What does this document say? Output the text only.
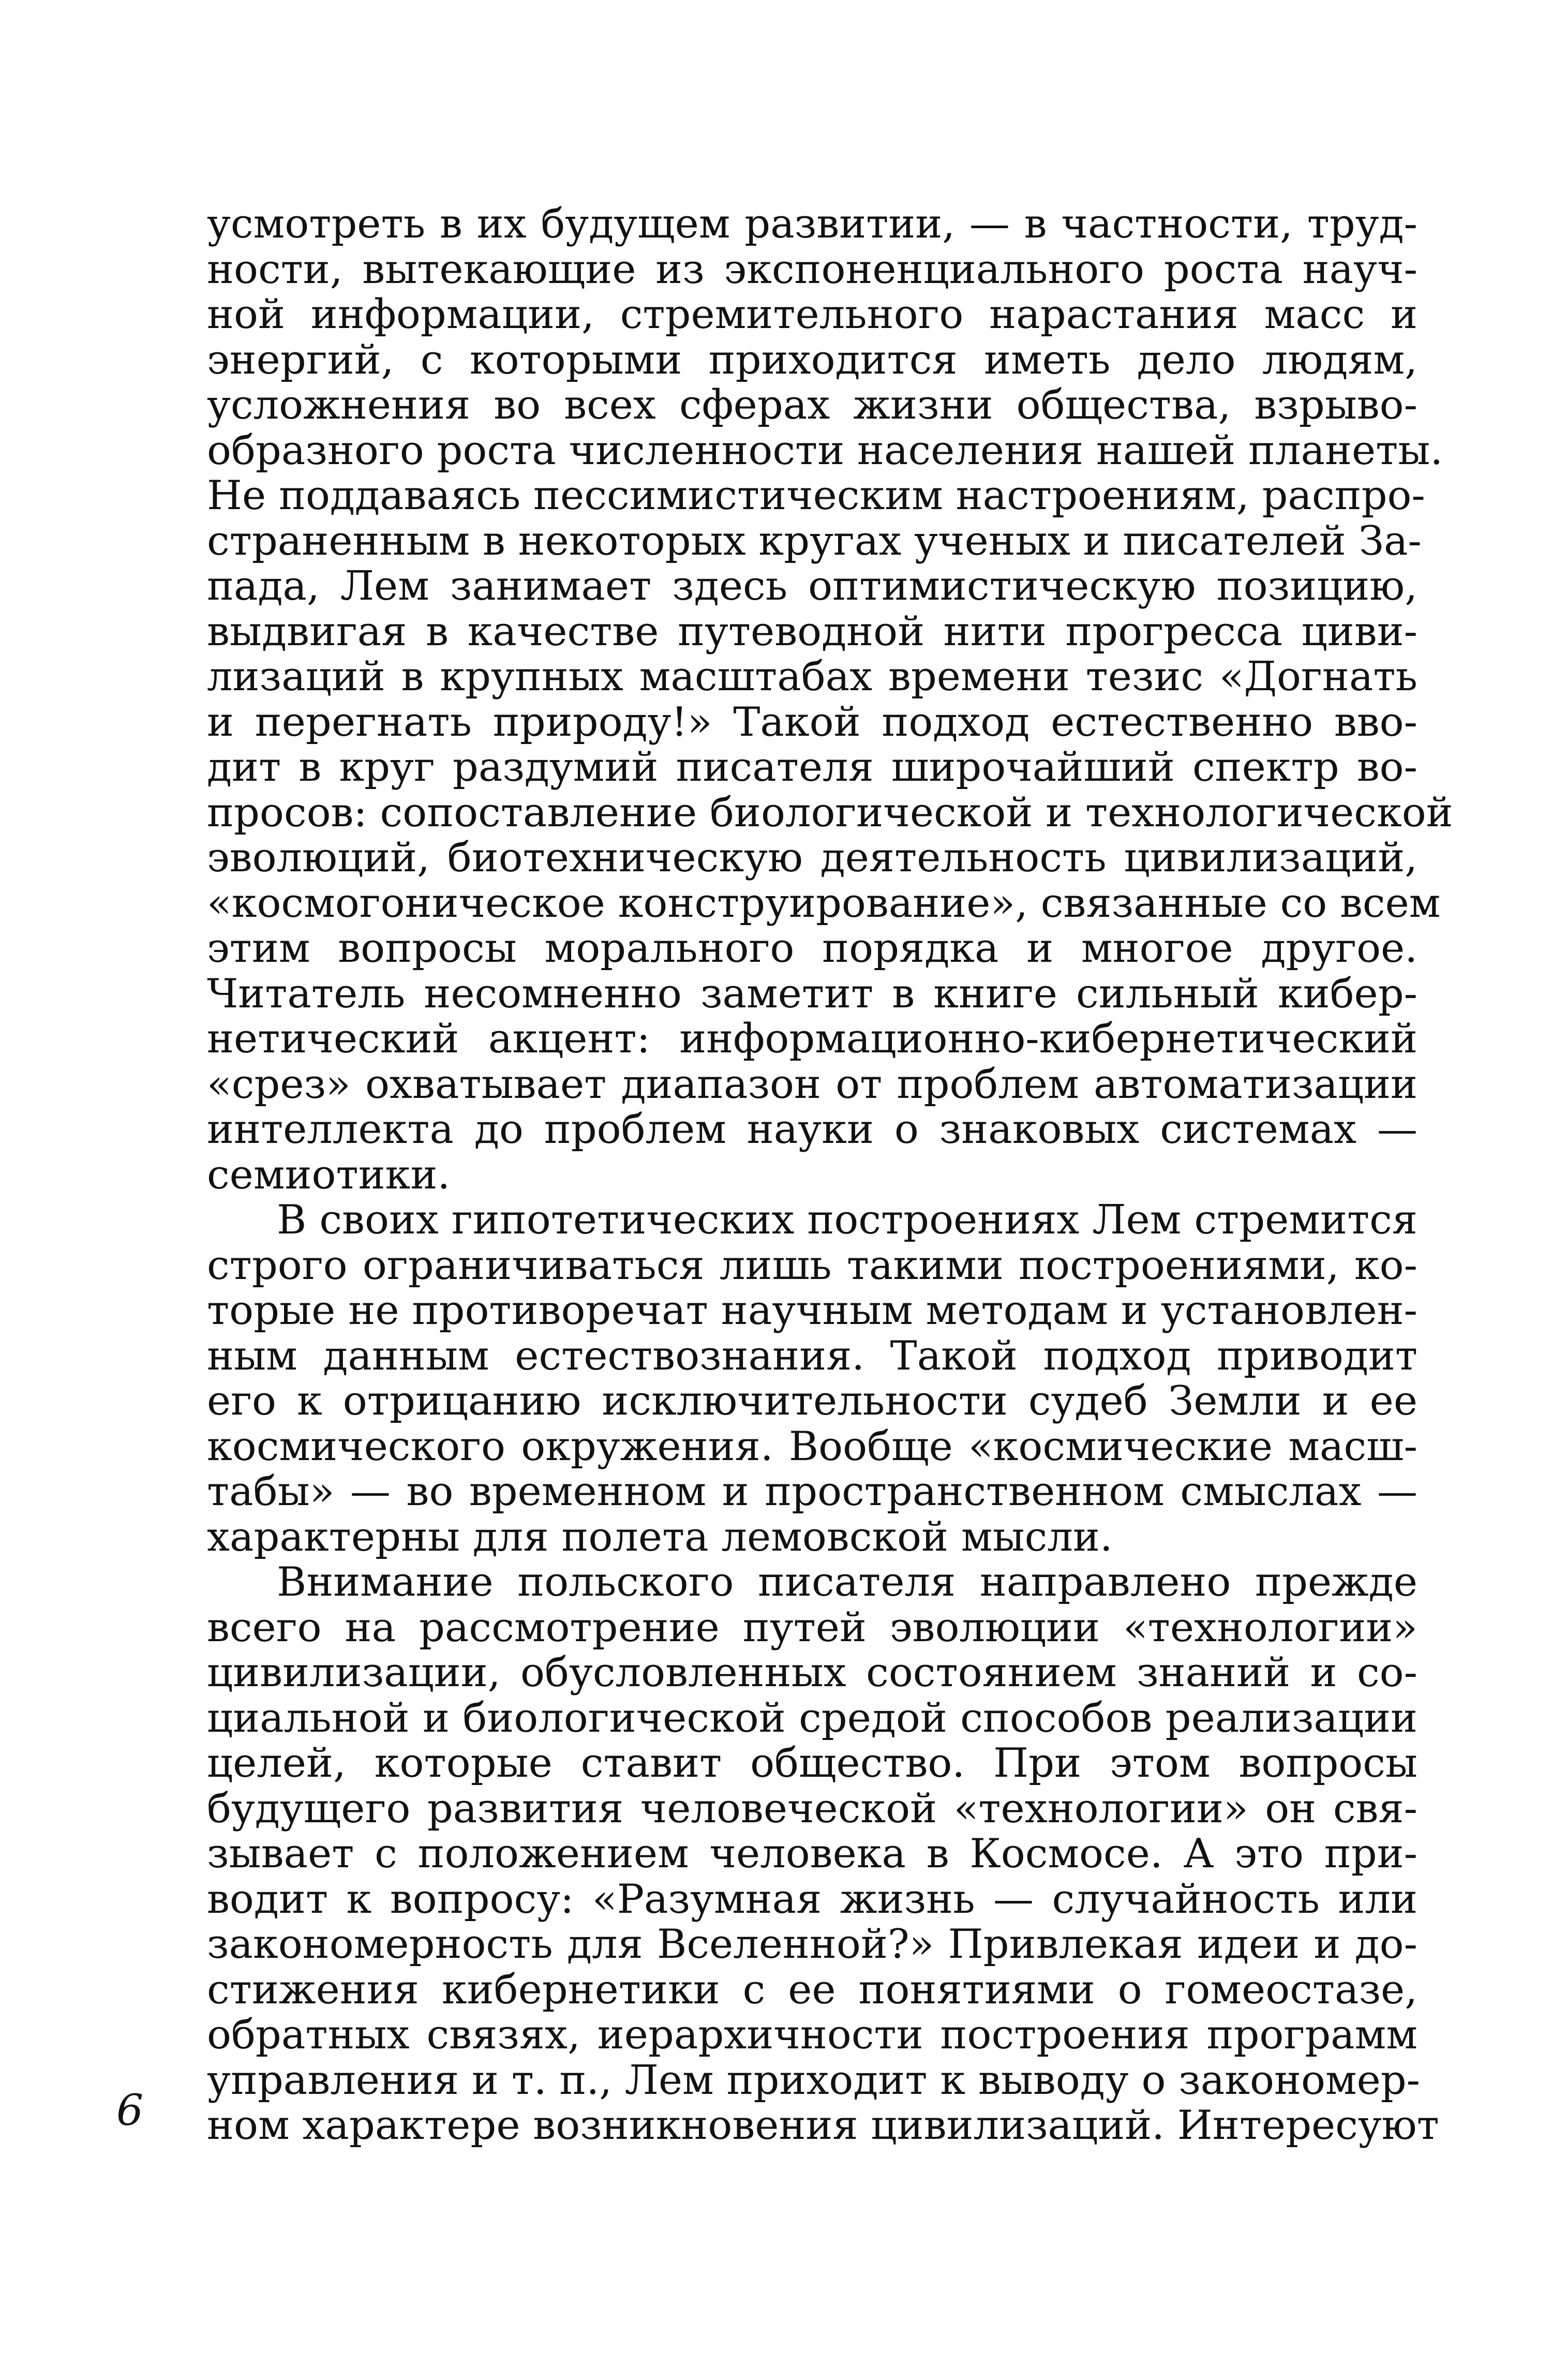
усмотреть в их будущем развитии, — в частности, труд-
ности, вытекающие из экспоненциального роста науч-
ной информации, стремительного нарастания масс и
энергий, с которыми приходится иметь дело людям,
усложнения во всех сферах жизни общества, взрыво-
образного роста численности населения нашей планеты.
Не поддаваясь пессимистическим настроениям, распро-
страненным в некоторых кругах ученых и писателей За-
пада, Лем занимает здесь оптимистическую позицию,
выдвигая в качестве путеводной нити прогресса циви-
лизаций в крупных масштабах времени тезис «Догнать
и перегнать природу!» Такой подход естественно вво-
дит в круг раздумий писателя широчайший спектр во-
просов: сопоставление биологической и технологической
эволюций, биотехническую деятельность цивилизаций,
«космогоническое конструирование», связанные со всем
этим вопросы морального порядка и многое другое.
Читатель несомненно заметит в книге сильный кибер-
нетический акцент: информационно-кибернетический
«срез» охватывает диапазон от проблем автоматизации
интеллекта до проблем науки о знаковых системах —
семиотики.
В своих гипотетических построениях Лем стремится
строго ограничиваться лишь такими построениями, ко-
торые не противоречат научным методам и установлен-
ным данным естествознания. Такой подход приводит
его к отрицанию исключительности судеб Земли и ее
космического окружения. Вообще «космические масш-
табы» — во временном и пространственном смыслах —
характерны для полета лемовской мысли.
Внимание польского писателя направлено прежде
всего на рассмотрение путей эволюции «технологии»
цивилизации, обусловленных состоянием знаний и со-
циальной и биологической средой способов реализации
целей, которые ставит общество. При этом вопросы
будущего развития человеческой «технологии» он свя-
зывает с положением человека в Космосе. А это при-
водит к вопросу: «Разумная жизнь — случайность или
закономерность для Вселенной?» Привлекая идеи и до-
стижения кибернетики с ее понятиями о гомеостазе,
обратных связях, иерархичности построения программ
управления и т. п., Лем приходит к выводу о закономер-
ном характере возникновения цивилизаций. Интересуют
6
